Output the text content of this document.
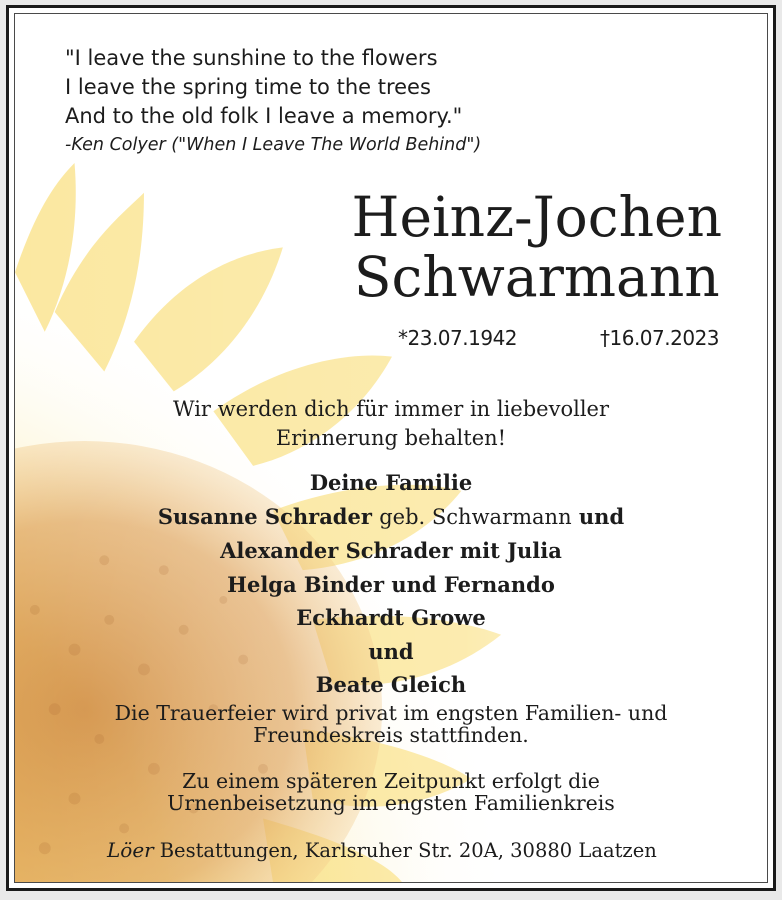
"I leave the sunshine to the flowers
I leave the spring time to the trees
And to the old folk I leave a memory."
-Ken Colyer ("When I Leave The World Behind")
Heinz-Jochen
Schwarmann
*23.07.1942	†16.07.2023
Wir werden dich für immer in liebevoller
Erinnerung behalten!
Deine Familie
Susanne Schrader geb. Schwarmann und
Alexander Schrader mit Julia
Helga Binder und Fernando
Eckhardt Growe
und
Beate Gleich
Die Trauerfeier wird privat im engsten Familien- und
Freundeskreis stattfinden.
Zu einem späteren Zeitpunkt erfolgt die
Urnenbeisetzung im engsten Familienkreis
Löer Bestattungen, Karlsruher Str. 20A, 30880 Laatzen
